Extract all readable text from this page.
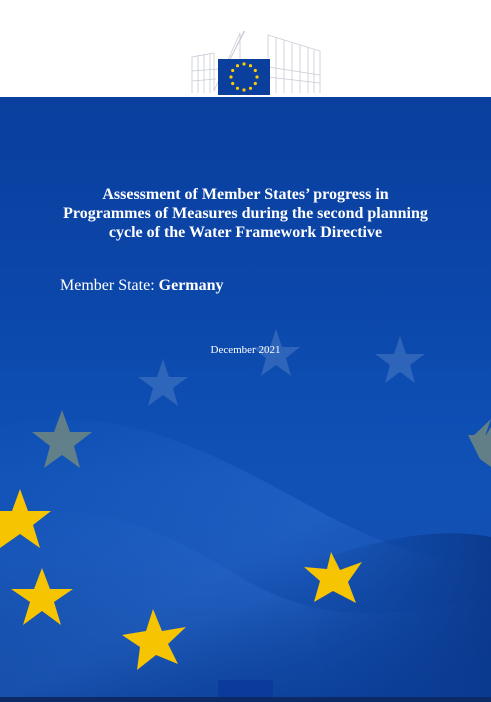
Assessment of Member States’ progress in Programmes of Measures during the second planning cycle of the Water Framework Directive
Member State: Germany
December 2021
